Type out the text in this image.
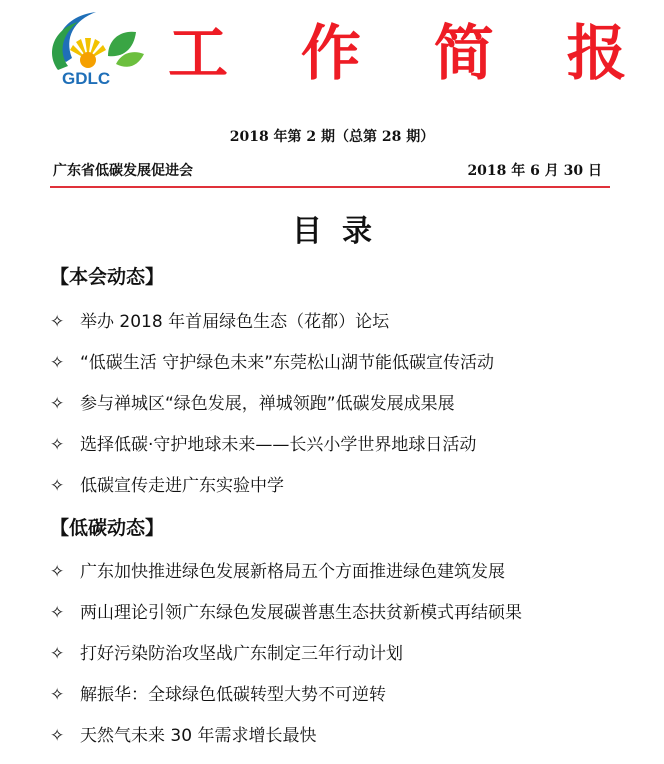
GDLC 工 作 简 报
2018 年第 2 期（总第 28 期）
广东省低碳发展促进会	2018 年 6 月 30 日
目录
【本会动态】
✧ 举办 2018 年首届绿色生态（花都）论坛
✧ “低碳生活 守护绿色未来”东莞松山湖节能低碳宣传活动
✧ 参与禅城区“绿色发展，禅城领跑”低碳发展成果展
✧ 选择低碳·守护地球未来——长兴小学世界地球日活动
✧ 低碳宣传走进广东实验中学
【低碳动态】
✧ 广东加快推进绿色发展新格局五个方面推进绿色建筑发展
✧ 两山理论引领广东绿色发展碳普惠生态扶贫新模式再结硕果
✧ 打好污染防治攻坚战广东制定三年行动计划
✧ 解振华：全球绿色低碳转型大势不可逆转
✧ 天然气未来 30 年需求增长最快
